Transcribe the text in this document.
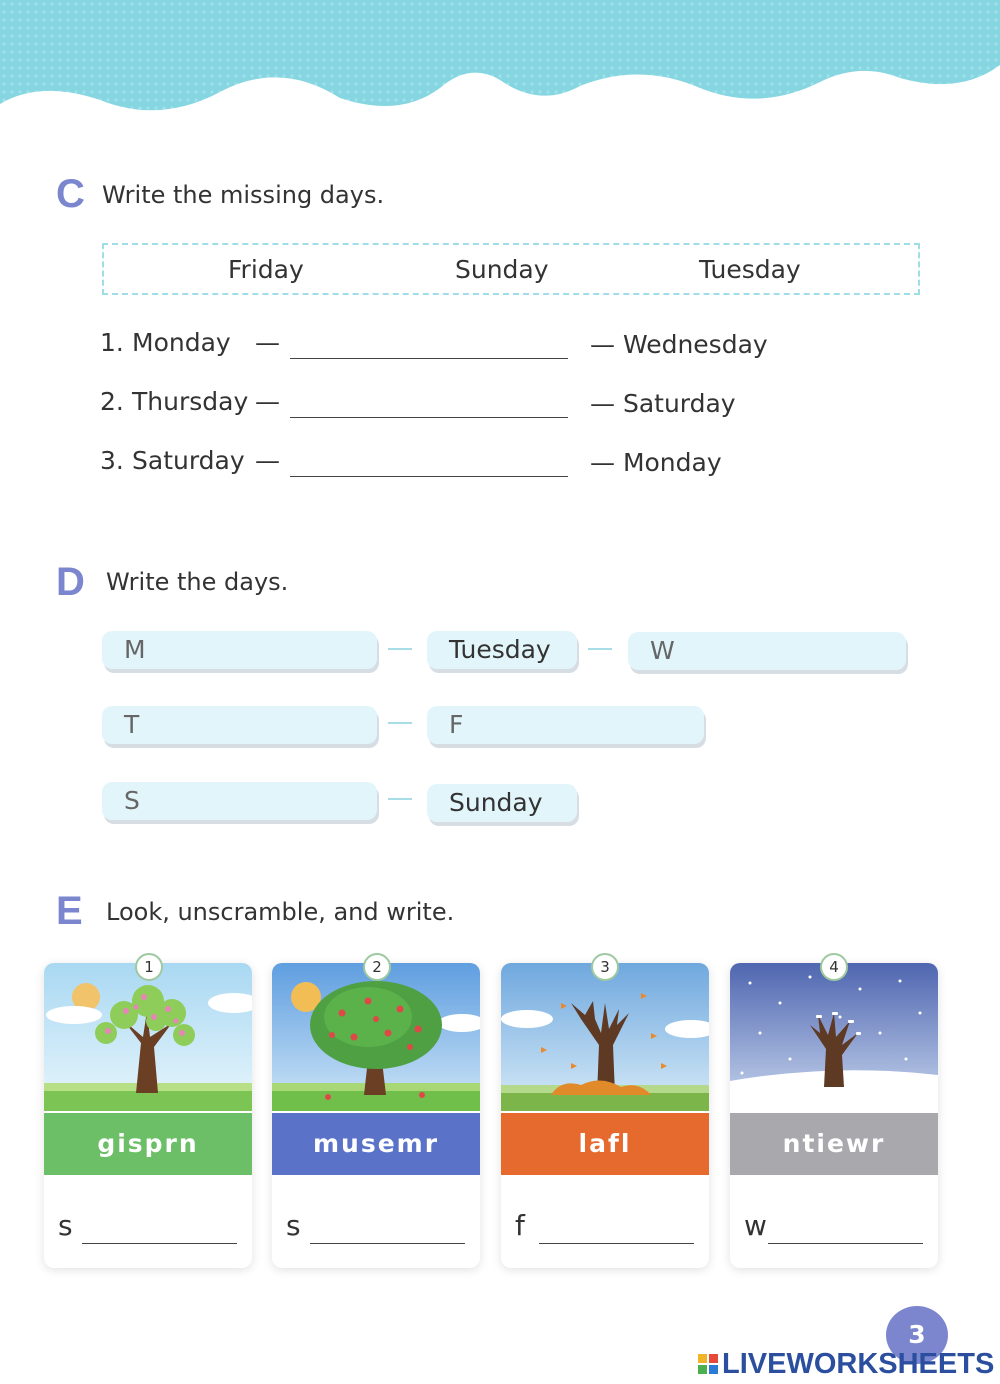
C Write the missing days.
Friday	Sunday	Tuesday
1. Monday —	— Wednesday
2. Thursday —	— Saturday
3. Saturday —	— Monday
D Write the days.
M	Tuesday	W
T	F
S	Sunday
E Look, unscramble, and write.
1	2	3	4
gisprn
s
musemr
s
lafl
f
ntiewr
w
3
LIVEWORKSHEETS
